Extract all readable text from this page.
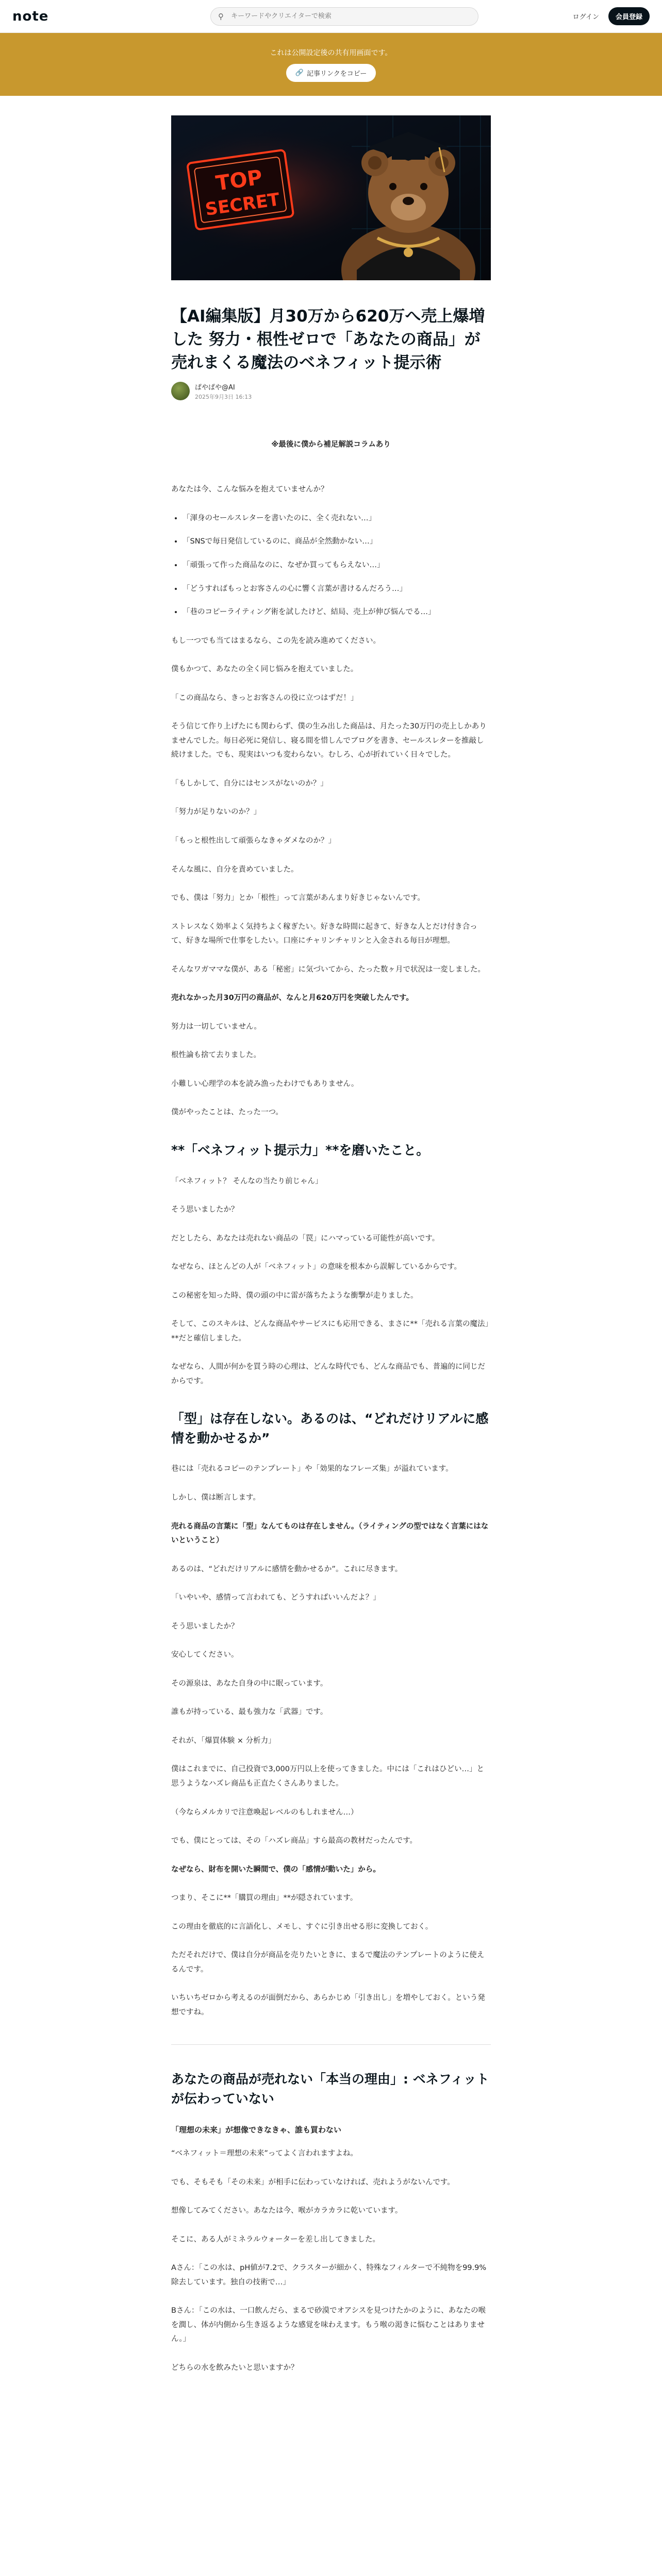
note	⚲
キーワードやクリエイターで検索	ログイン	会員登録
これは公開設定後の共有用画面です。
🔗 記事リンクをコピー
TOP
SECRET
【AI編集版】月30万から620万へ売上爆増した 努力・根性ゼロで「あなたの商品」が売れまくる魔法のベネフィット提示術
ぱやぱや@AI
2025年9月3日 16:13

※最後に僕から補足解説コラムあり

あなたは今、こんな悩みを抱えていませんか？

• 「渾身のセールスレターを書いたのに、全く売れない…」
• 「SNSで毎日発信しているのに、商品が全然動かない…」
• 「頑張って作った商品なのに、なぜか買ってもらえない…」
• 「どうすればもっとお客さんの心に響く言葉が書けるんだろう…」
• 「巷のコピーライティング術を試したけど、結局、売上が伸び悩んでる…」

もし一つでも当てはまるなら、この先を読み進めてください。

僕もかつて、あなたの全く同じ悩みを抱えていました。

「この商品なら、きっとお客さんの役に立つはずだ！」

そう信じて作り上げたにも関わらず、僕の生み出した商品は、月たった30万円の売上しかありませんでした。毎日必死に発信し、寝る間を惜しんでブログを書き、セールスレターを推敲し続けました。でも、現実はいつも変わらない。むしろ、心が折れていく日々でした。

「もしかして、自分にはセンスがないのか？」

「努力が足りないのか？」

「もっと根性出して頑張らなきゃダメなのか？」

そんな風に、自分を責めていました。

でも、僕は「努力」とか「根性」って言葉があんまり好きじゃないんです。

ストレスなく効率よく気持ちよく稼ぎたい。好きな時間に起きて、好きな人とだけ付き合って、好きな場所で仕事をしたい。口座にチャリンチャリンと入金される毎日が理想。

そんなワガママな僕が、ある「秘密」に気づいてから、たった数ヶ月で状況は一変しました。

売れなかった月30万円の商品が、なんと月620万円を突破したんです。

努力は一切していません。

根性論も捨て去りました。

小難しい心理学の本を読み漁ったわけでもありません。

僕がやったことは、たった一つ。

**「ベネフィット提示力」**を磨いたこと。

「ベネフィット？ そんなの当たり前じゃん」

そう思いましたか？

だとしたら、あなたは売れない商品の「罠」にハマっている可能性が高いです。

なぜなら、ほとんどの人が「ベネフィット」の意味を根本から誤解しているからです。

この秘密を知った時、僕の頭の中に雷が落ちたような衝撃が走りました。

そして、このスキルは、どんな商品やサービスにも応用できる、まさに**「売れる言葉の魔法」**だと確信しました。

なぜなら、人間が何かを買う時の心理は、どんな時代でも、どんな商品でも、普遍的に同じだからです。

「型」は存在しない。あるのは、“どれだけリアルに感情を動かせるか”

巷には「売れるコピーのテンプレート」や「効果的なフレーズ集」が溢れています。

しかし、僕は断言します。

売れる商品の言葉に「型」なんてものは存在しません。（ライティングの型ではなく言葉にはないということ）

あるのは、“どれだけリアルに感情を動かせるか”。これに尽きます。

「いやいや、感情って言われても、どうすればいいんだよ？」

そう思いましたか？

安心してください。

その源泉は、あなた自身の中に眠っています。

誰もが持っている、最も強力な「武器」です。

それが、「爆買体験 × 分析力」

僕はこれまでに、自己投資で3,000万円以上を使ってきました。中には「これはひどい…」と思うようなハズレ商品も正直たくさんありました。

（今ならメルカリで注意喚起レベルのもしれません…）

でも、僕にとっては、その「ハズレ商品」すら最高の教材だったんです。

なぜなら、財布を開いた瞬間で、僕の「感情が動いた」から。

つまり、そこに**「購買の理由」**が隠されています。

この理由を徹底的に言語化し、メモし、すぐに引き出せる形に変換しておく。

ただそれだけで、僕は自分が商品を売りたいときに、まるで魔法のテンプレートのように使えるんです。

いちいちゼロから考えるのが面倒だから、あらかじめ「引き出し」を増やしておく。という発想ですね。

あなたの商品が売れない「本当の理由」: ベネフィットが伝わっていない
「理想の未来」が想像できなきゃ、誰も買わない

“ベネフィット＝理想の未来”ってよく言われますよね。

でも、そもそも「その未来」が相手に伝わっていなければ、売れようがないんです。

想像してみてください。あなたは今、喉がカラカラに乾いています。

そこに、ある人がミネラルウォーターを差し出してきました。

Aさん：「この水は、pH値が7.2で、クラスターが細かく、特殊なフィルターで不純物を99.9%除去しています。独自の技術で…」

Bさん：「この水は、一口飲んだら、まるで砂漠でオアシスを見つけたかのように、あなたの喉を潤し、体が内側から生き返るような感覚を味わえます。もう喉の渇きに悩むことはありません。」

どちらの水を飲みたいと思いますか？
